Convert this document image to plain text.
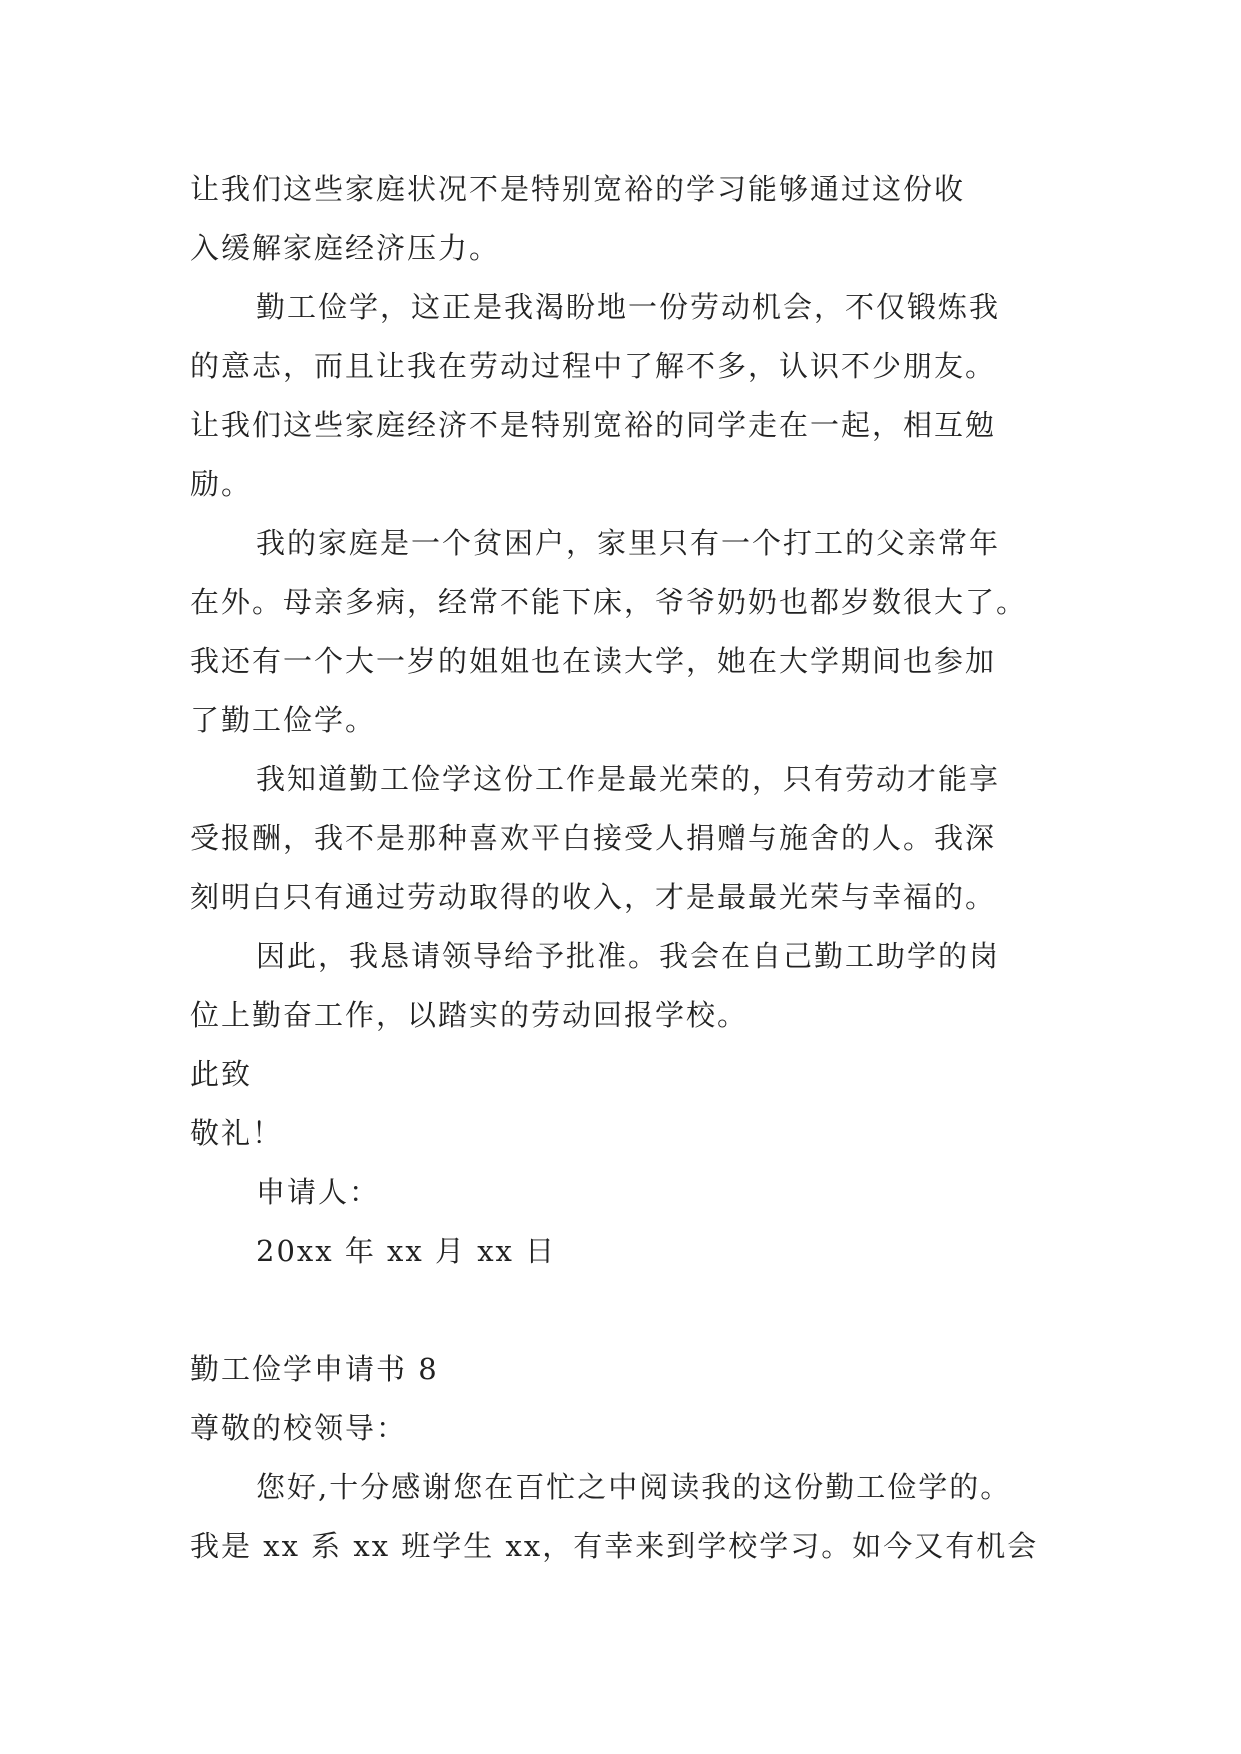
让我们这些家庭状况不是特别宽裕的学习能够通过这份收
入缓解家庭经济压力。
勤工俭学，这正是我渴盼地一份劳动机会，不仅锻炼我
的意志，而且让我在劳动过程中了解不多，认识不少朋友。
让我们这些家庭经济不是特别宽裕的同学走在一起，相互勉
励。
我的家庭是一个贫困户，家里只有一个打工的父亲常年
在外。母亲多病，经常不能下床，爷爷奶奶也都岁数很大了。
我还有一个大一岁的姐姐也在读大学，她在大学期间也参加
了勤工俭学。
我知道勤工俭学这份工作是最光荣的，只有劳动才能享
受报酬，我不是那种喜欢平白接受人捐赠与施舍的人。我深
刻明白只有通过劳动取得的收入，才是最最光荣与幸福的。
因此，我恳请领导给予批准。我会在自己勤工助学的岗
位上勤奋工作，以踏实的劳动回报学校。
此致
敬礼！
申请人：
20xx 年 xx 月 xx 日
勤工俭学申请书 8
尊敬的校领导：
您好,十分感谢您在百忙之中阅读我的这份勤工俭学的。
我是 xx 系 xx 班学生 xx，有幸来到学校学习。如今又有机会
